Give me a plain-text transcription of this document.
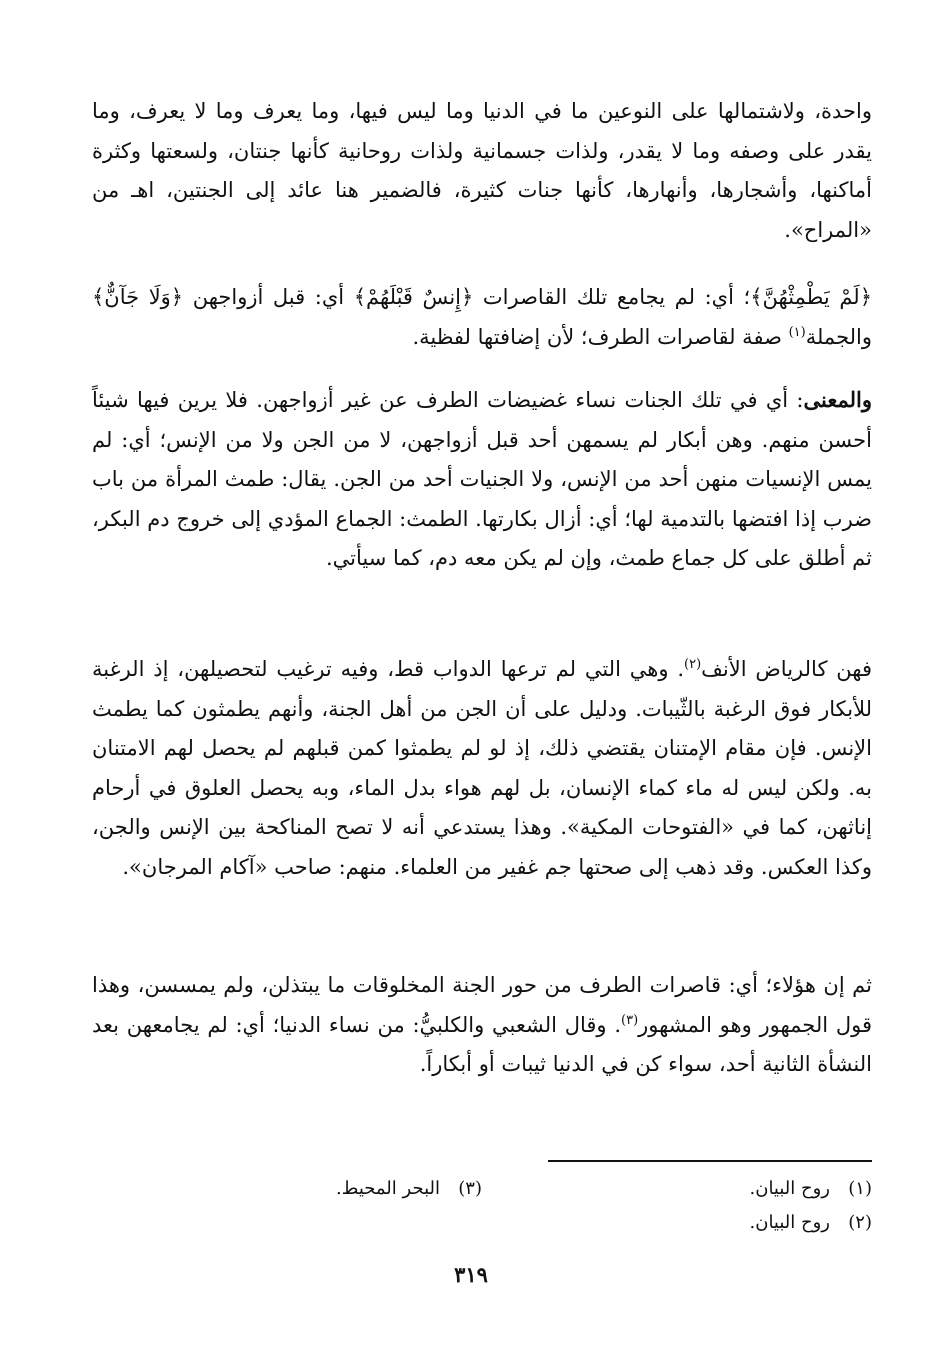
واحدة، ولاشتمالها على النوعين ما في الدنيا وما ليس فيها، وما يعرف وما لا يعرف، وما يقدر على وصفه وما لا يقدر، ولذات جسمانية ولذات روحانية كأنها جنتان، ولسعتها وكثرة أماكنها، وأشجارها، وأنهارها، كأنها جنات كثيرة، فالضمير هنا عائد إلى الجنتين، اهـ من «المراح».

﴿لَمْ يَطْمِثْهُنَّ﴾؛ أي: لم يجامع تلك القاصرات ﴿إِنسٌ قَبْلَهُمْ﴾ أي: قبل أزواجهن ﴿وَلَا جَآنٌّ﴾ والجملة$^{(١)}$ صفة لقاصرات الطرف؛ لأن إضافتها لفظية.

والمعنى: أي في تلك الجنات نساء غضيضات الطرف عن غير أزواجهن. فلا يرين فيها شيئاً أحسن منهم. وهن أبكار لم يسمهن أحد قبل أزواجهن، لا من الجن ولا من الإنس؛ أي: لم يمس الإنسيات منهن أحد من الإنس، ولا الجنيات أحد من الجن. يقال: طمث المرأة من باب ضرب إذا افتضها بالتدمية لها؛ أي: أزال بكارتها. الطمث: الجماع المؤدي إلى خروج دم البكر، ثم أطلق على كل جماع طمث، وإن لم يكن معه دم، كما سيأتي.

فهن كالرياض الأنف$^{(٢)}$. وهي التي لم ترعها الدواب قط، وفيه ترغيب لتحصيلهن، إذ الرغبة للأبكار فوق الرغبة بالثّيبات. ودليل على أن الجن من أهل الجنة، وأنهم يطمثون كما يطمث الإنس. فإن مقام الإمتنان يقتضي ذلك، إذ لو لم يطمثوا كمن قبلهم لم يحصل لهم الامتنان به. ولكن ليس له ماء كماء الإنسان، بل لهم هواء بدل الماء، وبه يحصل العلوق في أرحام إناثهن، كما في «الفتوحات المكية». وهذا يستدعي أنه لا تصح المناكحة بين الإنس والجن، وكذا العكس. وقد ذهب إلى صحتها جم غفير من العلماء. منهم: صاحب «آكام المرجان».

ثم إن هؤلاء؛ أي: قاصرات الطرف من حور الجنة المخلوقات ما يبتذلن، ولم يمسسن، وهذا قول الجمهور وهو المشهور$^{(٣)}$. وقال الشعبي والكلبيُّ: من نساء الدنيا؛ أي: لم يجامعهن بعد النشأة الثانية أحد، سواء كن في الدنيا ثيبات أو أبكاراً.

(١)روح البيان.
(٣)البحر المحيط.
(٢)روح البيان.
٣١٩
